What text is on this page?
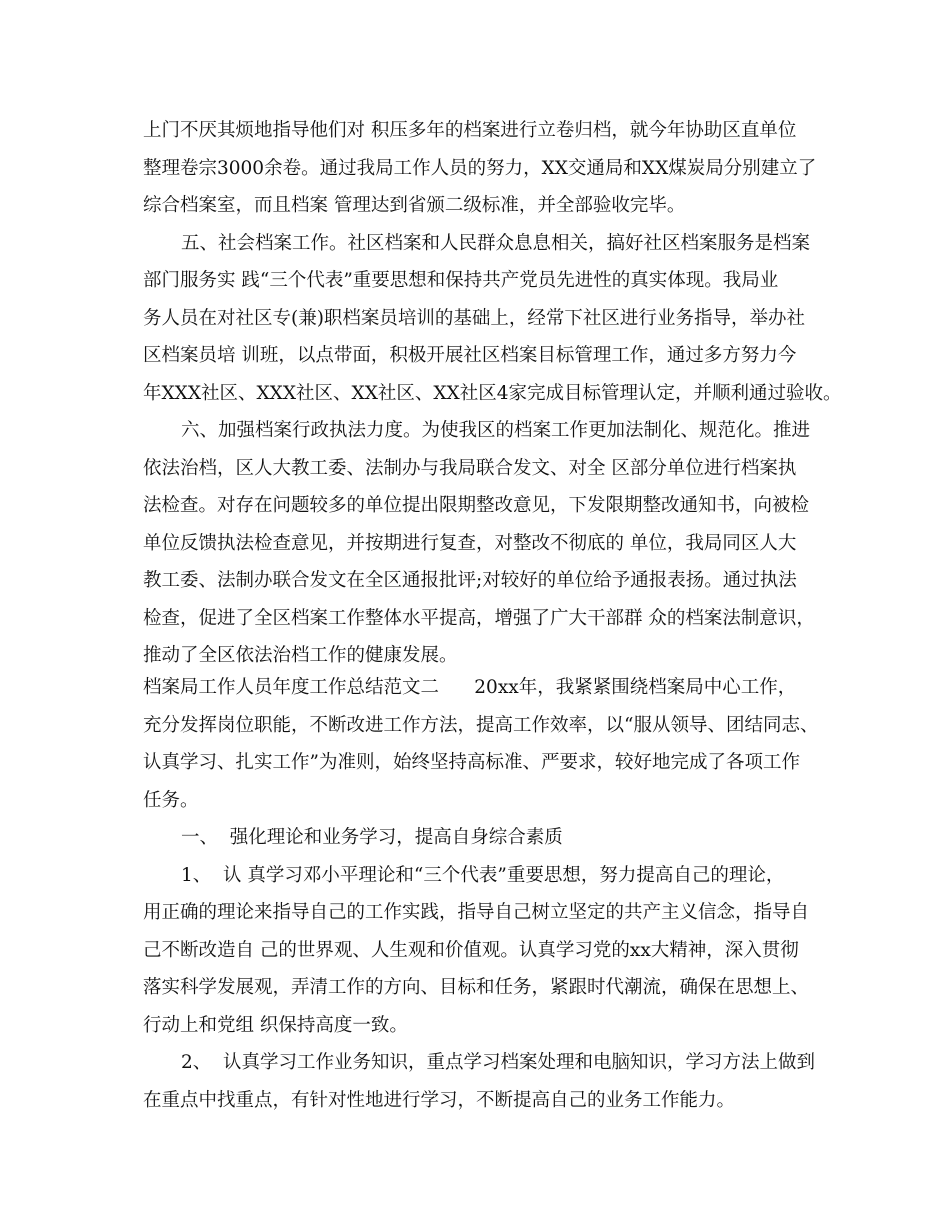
上门不厌其烦地指导他们对 积压多年的档案进行立卷归档，就今年协助区直单位
整理卷宗3000余卷。通过我局工作人员的努力，XX交通局和XX煤炭局分别建立了
综合档案室，而且档案 管理达到省颁二级标准，并全部验收完毕。
五、社会档案工作。社区档案和人民群众息息相关，搞好社区档案服务是档案
部门服务实 践“三个代表”重要思想和保持共产党员先进性的真实体现。我局业
务人员在对社区专(兼)职档案员培训的基础上，经常下社区进行业务指导，举办社
区档案员培 训班，以点带面，积极开展社区档案目标管理工作，通过多方努力今
年XXX社区、XXX社区、XX社区、XX社区4家完成目标管理认定，并顺利通过验收。
六、加强档案行政执法力度。为使我区的档案工作更加法制化、规范化。推进
依法治档，区人大教工委、法制办与我局联合发文、对全 区部分单位进行档案执
法检查。对存在问题较多的单位提出限期整改意见，下发限期整改通知书，向被检
单位反馈执法检查意见，并按期进行复查，对整改不彻底的 单位，我局同区人大
教工委、法制办联合发文在全区通报批评;对较好的单位给予通报表扬。通过执法
检查，促进了全区档案工作整体水平提高，增强了广大干部群 众的档案法制意识，
推动了全区依法治档工作的健康发展。
档案局工作人员年度工作总结范文二      20xx年，我紧紧围绕档案局中心工作，
充分发挥岗位职能，不断改进工作方法，提高工作效率，以“服从领导、团结同志、
认真学习、扎实工作”为准则，始终坚持高标准、严要求，较好地完成了各项工作
任务。
一、  强化理论和业务学习，提高自身综合素质
1、  认 真学习邓小平理论和“三个代表”重要思想，努力提高自己的理论，
用正确的理论来指导自己的工作实践，指导自己树立坚定的共产主义信念，指导自
己不断改造自 己的世界观、人生观和价值观。认真学习党的xx大精神，深入贯彻
落实科学发展观，弄清工作的方向、目标和任务，紧跟时代潮流，确保在思想上、
行动上和党组 织保持高度一致。
2、  认真学习工作业务知识，重点学习档案处理和电脑知识，学习方法上做到
在重点中找重点，有针对性地进行学习，不断提高自己的业务工作能力。
